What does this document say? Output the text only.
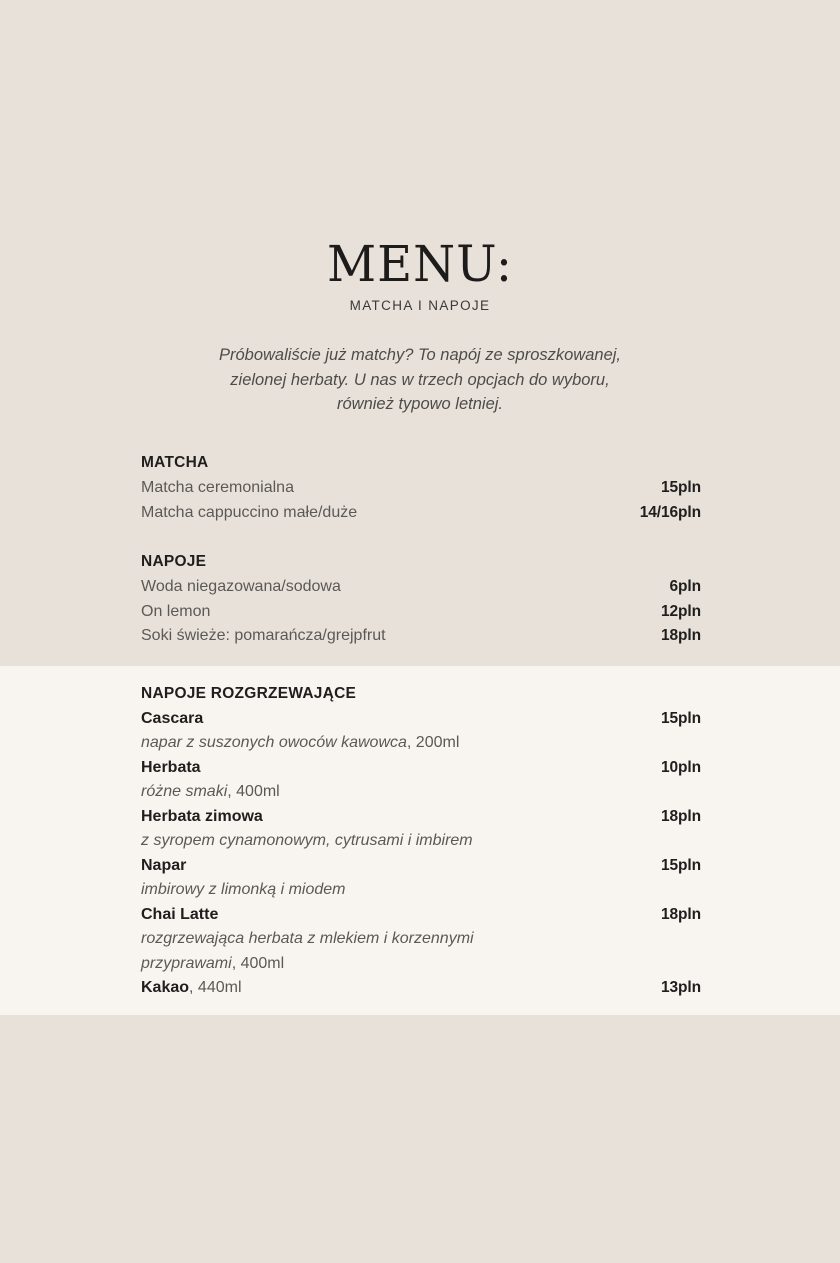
MENU:
MATCHA I NAPOJE
Próbowaliście już matchy? To napój ze sproszkowanej,
zielonej herbaty. U nas w trzech opcjach do wyboru,
również typowo letniej.
MATCHA
Matcha ceremonialna	15pln
Matcha cappuccino małe/duże	14/16pln
NAPOJE
Woda niegazowana/sodowa	6pln
On lemon	12pln
Soki świeże: pomarańcza/grejpfrut	18pln
NAPOJE ROZGRZEWAJĄCE
Cascara	15pln
napar z suszonych owoców kawowca, 200ml
Herbata	10pln
różne smaki, 400ml
Herbata zimowa	18pln
z syropem cynamonowym, cytrusami i imbirem
Napar	15pln
imbirowy z limonką i miodem
Chai Latte	18pln
rozgrzewająca herbata z mlekiem i korzennymi
przyprawami, 400ml
Kakao, 440ml	13pln
